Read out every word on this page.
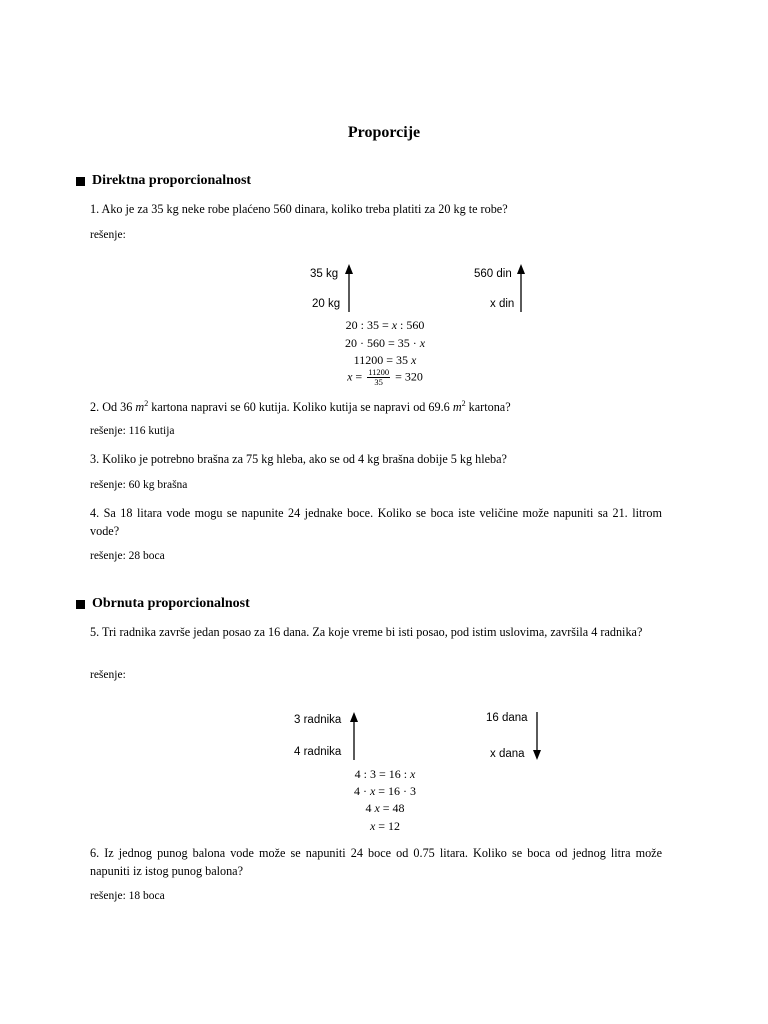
Proporcije
Direktna proporcionalnost
1. Ako je za 35 kg neke robe plaćeno 560 dinara, koliko treba platiti za 20 kg te robe?
rešenje:
35 kg
20 kg
560 din
x din
20 : 35 = x : 560
20 · 560 = 35 · x
11200 = 35 x
$x = \frac{11200}{35} = 320$
2. Od 36 $m^2$ kartona napravi se 60 kutija. Koliko kutija se napravi od 69.6 $m^2$ kartona?
rešenje: 116 kutija
3. Koliko je potrebno brašna za 75 kg hleba, ako se od 4 kg brašna dobije 5 kg hleba?
rešenje: 60 kg brašna
4. Sa 18 litara vode mogu se napunite 24 jednake boce. Koliko se boca iste veličine može napuniti sa 21. litrom vode?
rešenje: 28 boca
Obrnuta proporcionalnost
5. Tri radnika završe jedan posao za 16 dana. Za koje vreme bi isti posao, pod istim uslovima, završila 4 radnika?
rešenje:
3 radnika
4 radnika
16 dana
x dana
4 : 3 = 16 : x
4 · x = 16 · 3
4 x = 48
x = 12
6. Iz jednog punog balona vode može se napuniti 24 boce od 0.75 litara. Koliko se boca od jednog litra može napuniti iz istog punog balona?
rešenje: 18 boca
